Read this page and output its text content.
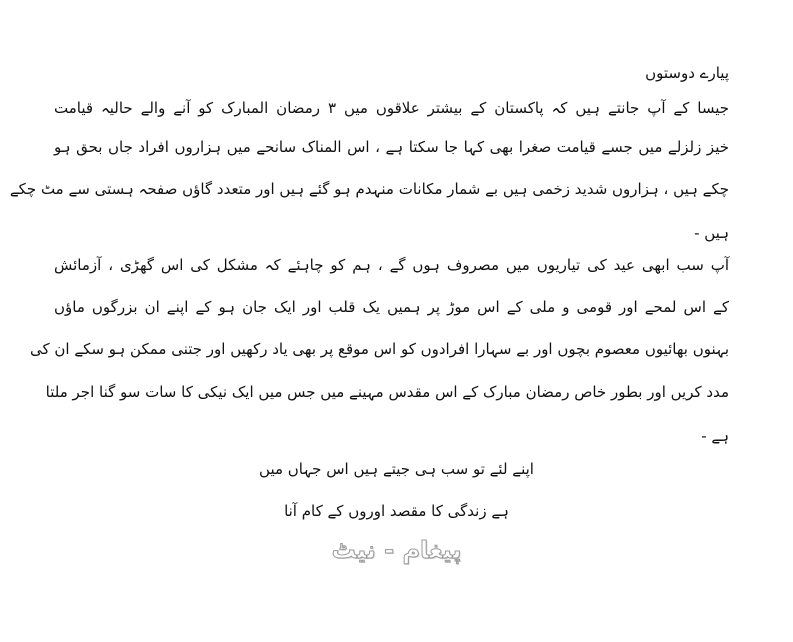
پیارے دوستوں
جیسا کے آپ جانتے ہیں کہ پاکستان کے بیشتر علاقوں میں ۳ رمضان المبارک کو آنے والے حالیہ قیامت
خیز زلزلے میں جسے قیامت صغرا بھی کہا جا سکتا ہے ، اس المناک سانحے میں ہزاروں افراد جاں بحق ہو
چکے ہیں ، ہزاروں شدید زخمی ہیں بے شمار مکانات منہدم ہو گئے ہیں اور متعدد گاؤں صفحہ ہستی سے مٹ چکے
ہیں -
آپ سب ابھی عید کی تیاریوں میں مصروف ہوں گے ، ہم کو چاہئے کہ مشکل کی اس گھڑی ، آزمائش
کے اس لمحے اور قومی و ملی کے اس موڑ پر ہمیں یک قلب اور ایک جان ہو کے اپنے ان بزرگوں ماؤں
بہنوں بھائیوں معصوم بچوں اور بے سہارا افرادوں کو اس موقع پر بھی یاد رکھیں اور جتنی ممکن ہو سکے ان کی
مدد کریں اور بطور خاص رمضان مبارک کے اس مقدس مہینے میں جس میں ایک نیکی کا سات سو گنا اجر ملتا
ہے -
اپنے لئے تو سب ہی جیتے ہیں اس جہاں میں
ہے زندگی کا مقصد اوروں کے کام آنا
پیغام - نیٹ
